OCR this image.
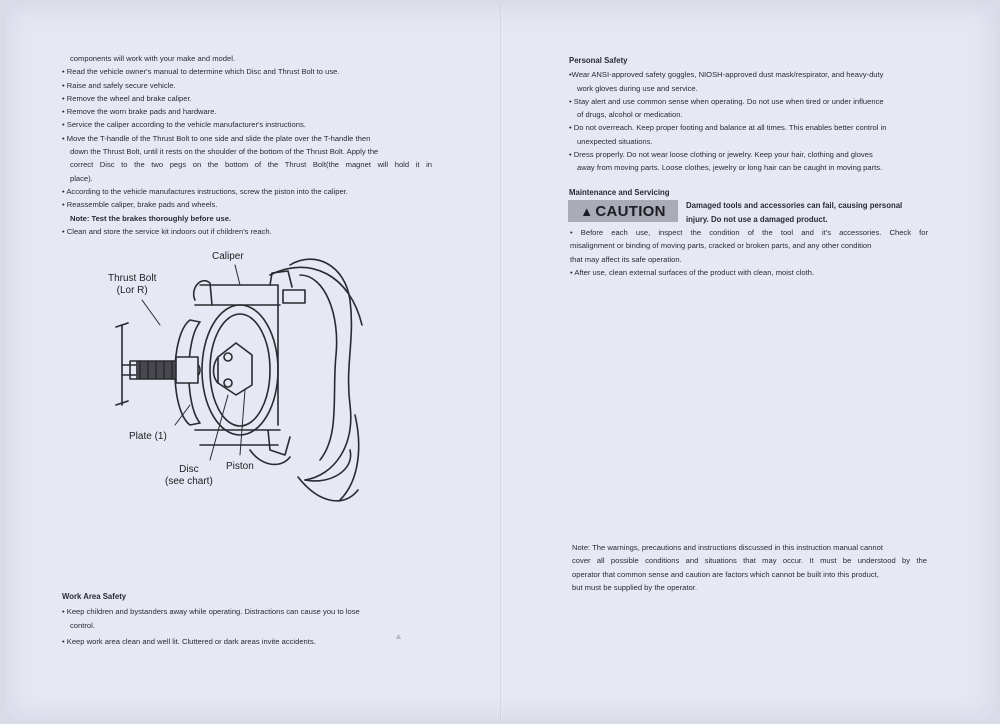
components will work with your make and model.

• Read the vehicle owner's manual to determine which Disc and Thrust Bolt to use.

• Raise and safely secure vehicle.

• Remove the wheel and brake caliper.

• Remove the worn brake pads and hardware.

• Service the caliper according to the vehicle manufacturer's instructions.

• Move the T-handle of the Thrust Bolt to one side and slide the plate over the T-handle then

down the Thrust Bolt, until it rests on the shoulder of the bottom of the Thrust Bolt. Apply the

correct Disc to the two pegs on the bottom of the Thrust Bolt(the magnet will hold it in

place).

• According to the vehicle manufactures instructions, screw the piston into the caliper.

• Reassemble caliper, brake pads and wheels.

Note: Test the brakes thoroughly before use.

• Clean and store the service kit indoors out if children's reach.

Caliper
Thrust Bolt
(Lor R)
Plate (1)
Disc
(see chart)
Piston

Work Area Safety

• Keep children and bystanders away while operating. Distractions can cause you to lose

control.

• Keep work area clean and well lit. Cluttered or dark areas invite accidents.

Personal Safety

•Wear ANSI-approved safety goggles, NIOSH-approved dust mask/respirator, and heavy-duty

work gloves during use and service.

• Stay alert and use common sense when operating. Do not use when tired or under influence

of drugs, alcohol or medication.

• Do not overreach. Keep proper footing and balance at all times. This enables better control in

unexpected situations.

• Dress properly. Do not wear loose clothing or jewelry. Keep your hair, clothing and gloves

away from moving parts. Loose clothes, jewelry or long hair can be caught in moving parts.

Maintenance and Servicing
▲ CAUTION	Damaged tools and accessories can fail, causing personal

injury. Do not use a damaged product.

• Before each use, inspect the condition of the tool and it's accessories. Check for

misalignment or binding of moving parts, cracked or broken parts, and any other condition

that may affect its safe operation.

• After use, clean external surfaces of the product with clean, moist cloth.

Note: The warnings, precautions and instructions discussed in this instruction manual cannot

cover all possible conditions and situations that may occur. It must be understood by the

operator that common sense and caution are factors which cannot be built into this product,

but must be supplied by the operator.

▲
